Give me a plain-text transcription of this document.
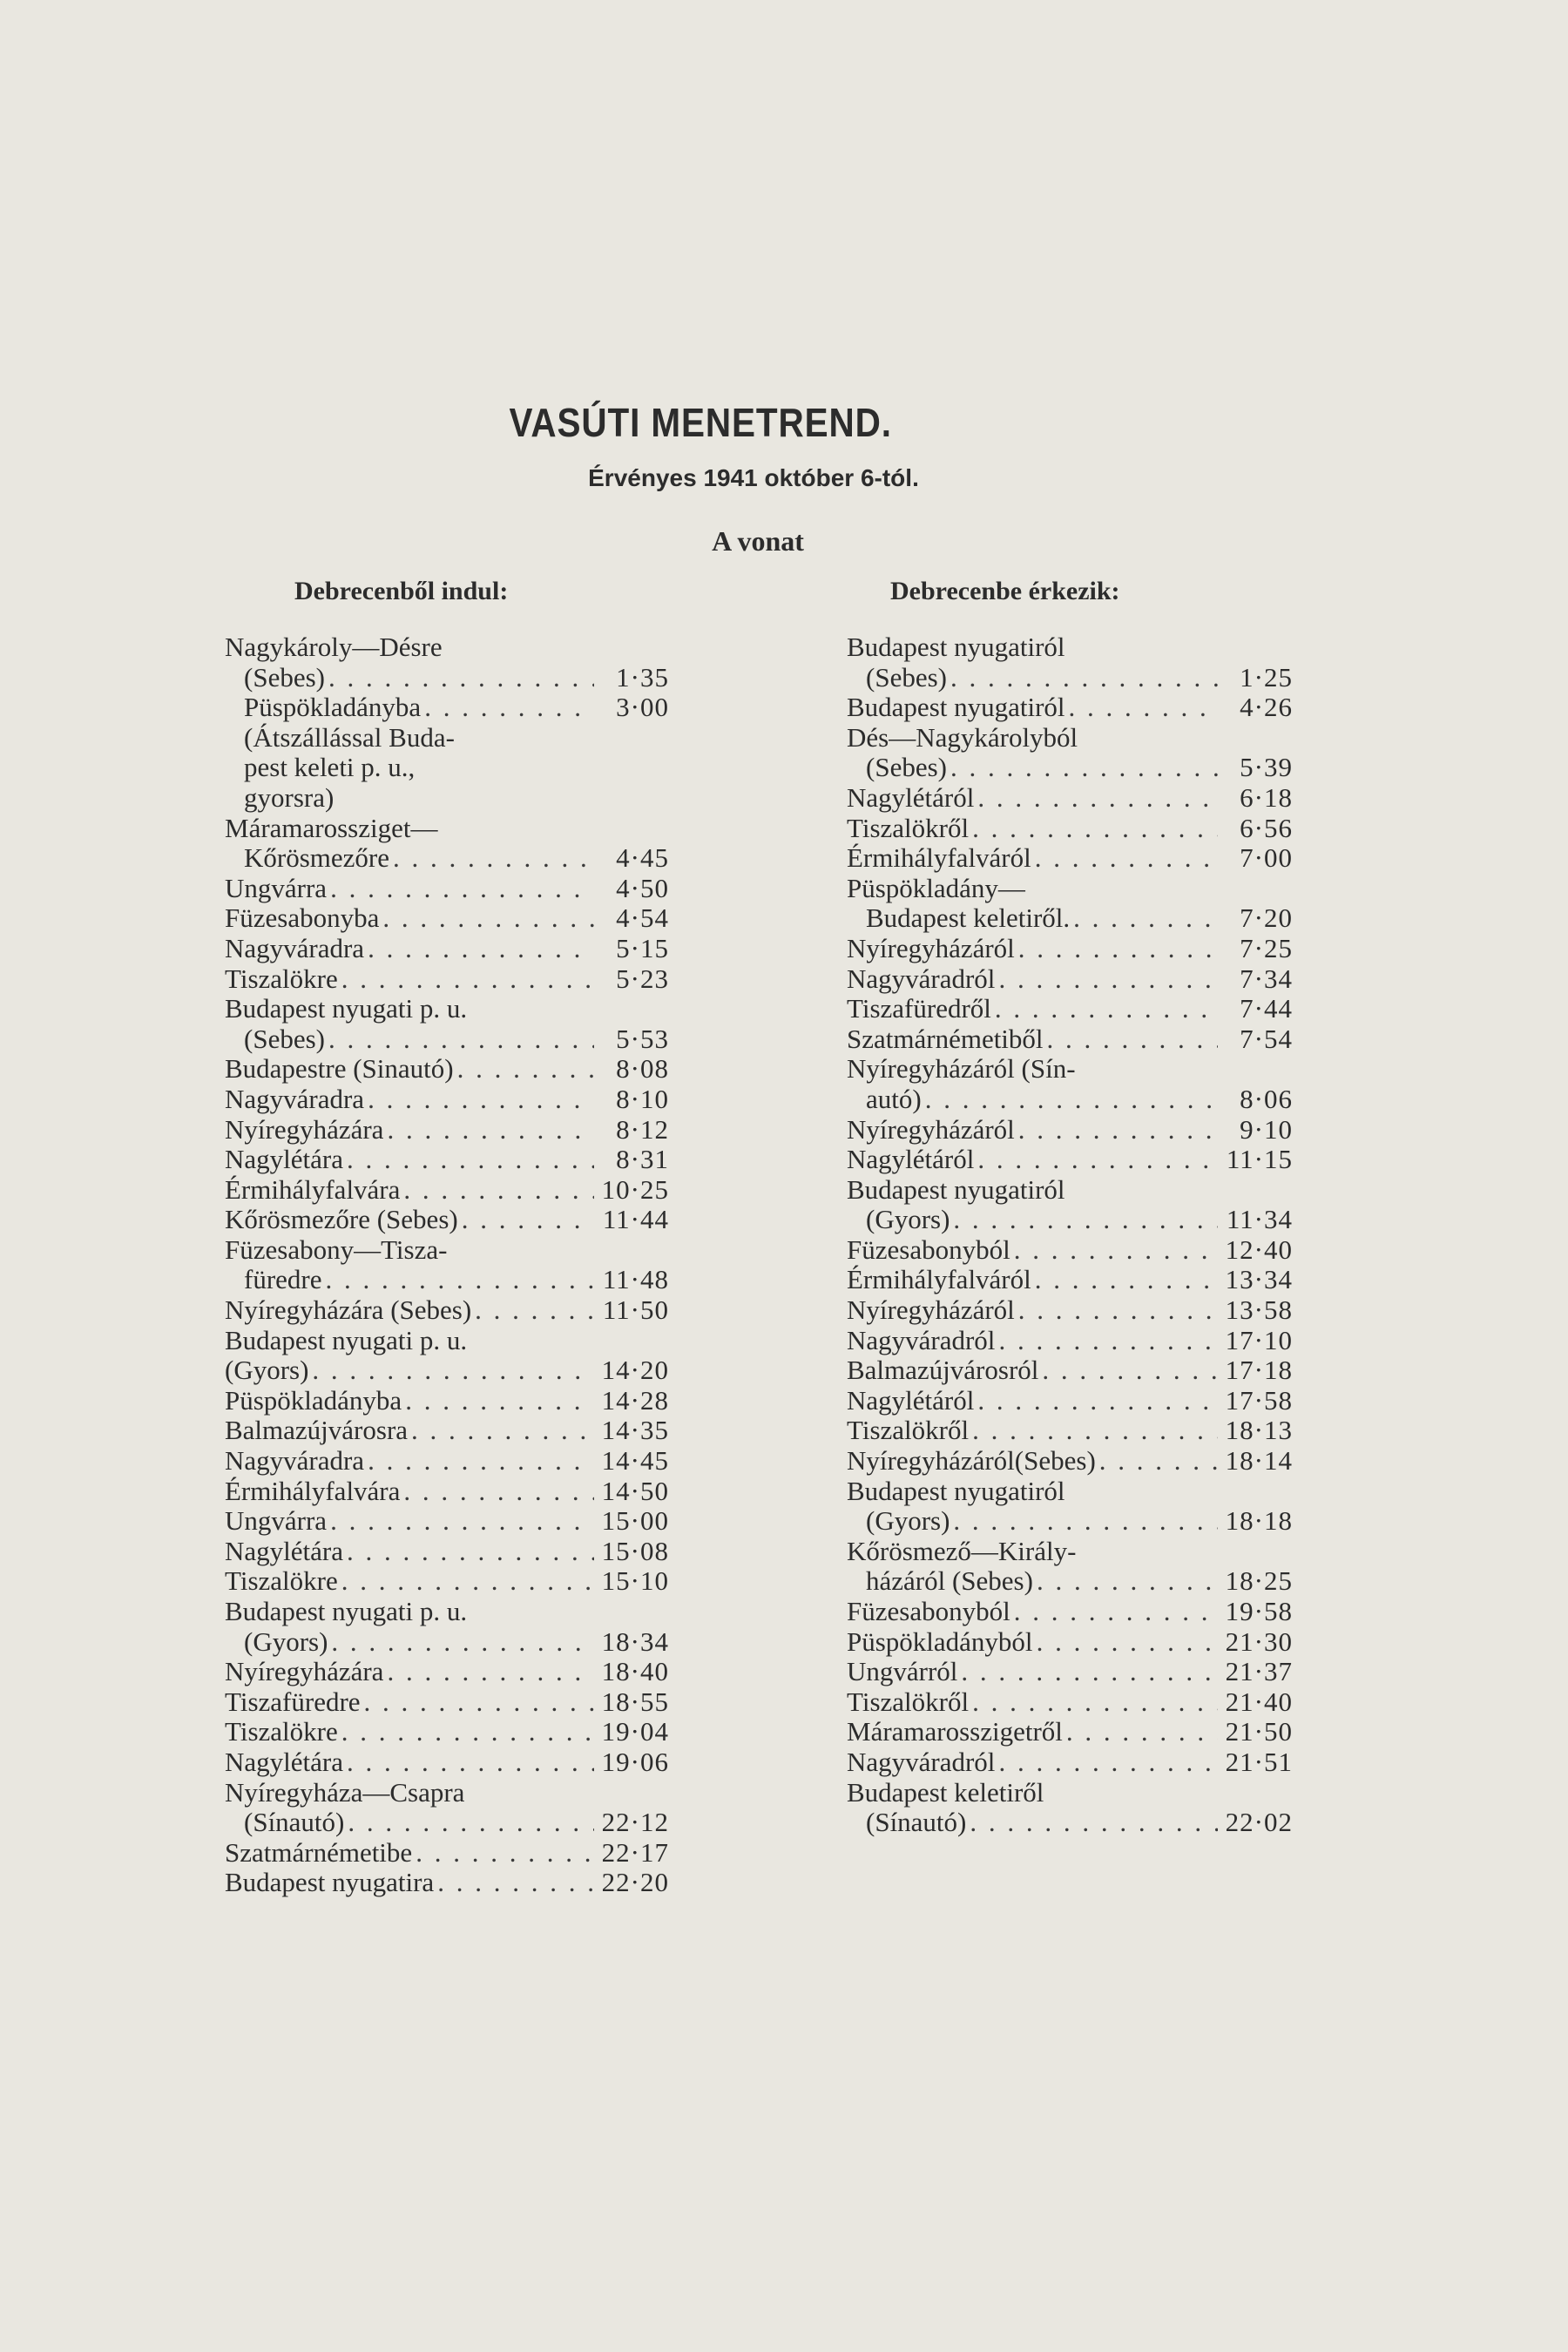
VASÚTI MENETREND.
Érvényes 1941 október 6-tól.
A vonat
Debrecenből indul:	Debrecenbe érkezik:
Nagykároly—Désre
(Sebes) . . .	1·35
Püspökladányba . . .	3·00
(Átszállással Buda-
pest keleti p. u.,
gyorsra)
Máramarossziget—
Kőrösmezőre . . .	4·45
Ungvárra . . .	4·50
Füzesabonyba . . .	4·54
Nagyváradra . . .	5·15
Tiszalökre . . .	5·23
Budapest nyugati p. u.
(Sebes) . . .	5·53
Budapestre (Sinautó) . . .	8·08
Nagyváradra . . .	8·10
Nyíregyházára . . .	8·12
Nagylétára . . .	8·31
Érmihályfalvára . . .	10·25
Kőrösmezőre (Sebes) . . .	11·44
Füzesabony—Tisza-
füredre . . .	11·48
Nyíregyházára (Sebes) . . .	11·50
Budapest nyugati p. u.
(Gyors) . . .	14·20
Püspökladányba . . .	14·28
Balmazújvárosra . . .	14·35
Nagyváradra . . .	14·45
Érmihályfalvára . . .	14·50
Ungvárra . . .	15·00
Nagylétára . . .	15·08
Tiszalökre . . .	15·10
Budapest nyugati p. u.
(Gyors) . . .	18·34
Nyíregyházára . . .	18·40
Tiszafüredre . . .	18·55
Tiszalökre . . .	19·04
Nagylétára . . .	19·06
Nyíregyháza—Csapra
(Sínautó) . . .	22·12
Szatmárnémetibe . . .	22·17
Budapest nyugatira . . .	22·20
Budapest nyugatiról
(Sebes) . . .	1·25
Budapest nyugatiról . . .	4·26
Dés—Nagykárolyból
(Sebes) . . .	5·39
Nagylétáról . . .	6·18
Tiszalökről . . .	6·56
Érmihályfalváról . . .	7·00
Püspökladány—
Budapest keletiről. . . .	7·20
Nyíregyházáról . . .	7·25
Nagyváradról . . .	7·34
Tiszafüredről . . .	7·44
Szatmárnémetiből . . .	7·54
Nyíregyházáról (Sín-
autó) . . .	8·06
Nyíregyházáról . . .	9·10
Nagylétáról . . .	11·15
Budapest nyugatiról
(Gyors) . . .	11·34
Füzesabonyból . . .	12·40
Érmihályfalváról . . .	13·34
Nyíregyházáról . . .	13·58
Nagyváradról . . .	17·10
Balmazújvárosról . . .	17·18
Nagylétáról . . .	17·58
Tiszalökről . . .	18·13
Nyíregyházáról(Sebes) . . .	18·14
Budapest nyugatiról
(Gyors) . . .	18·18
Kőrösmező—Király-
házáról (Sebes) . . .	18·25
Füzesabonyból . . .	19·58
Püspökladányból . . .	21·30
Ungvárról . . .	21·37
Tiszalökről . . .	21·40
Máramarosszigetről . . .	21·50
Nagyváradról . . .	21·51
Budapest keletiről
(Sínautó) . . .	22·02
